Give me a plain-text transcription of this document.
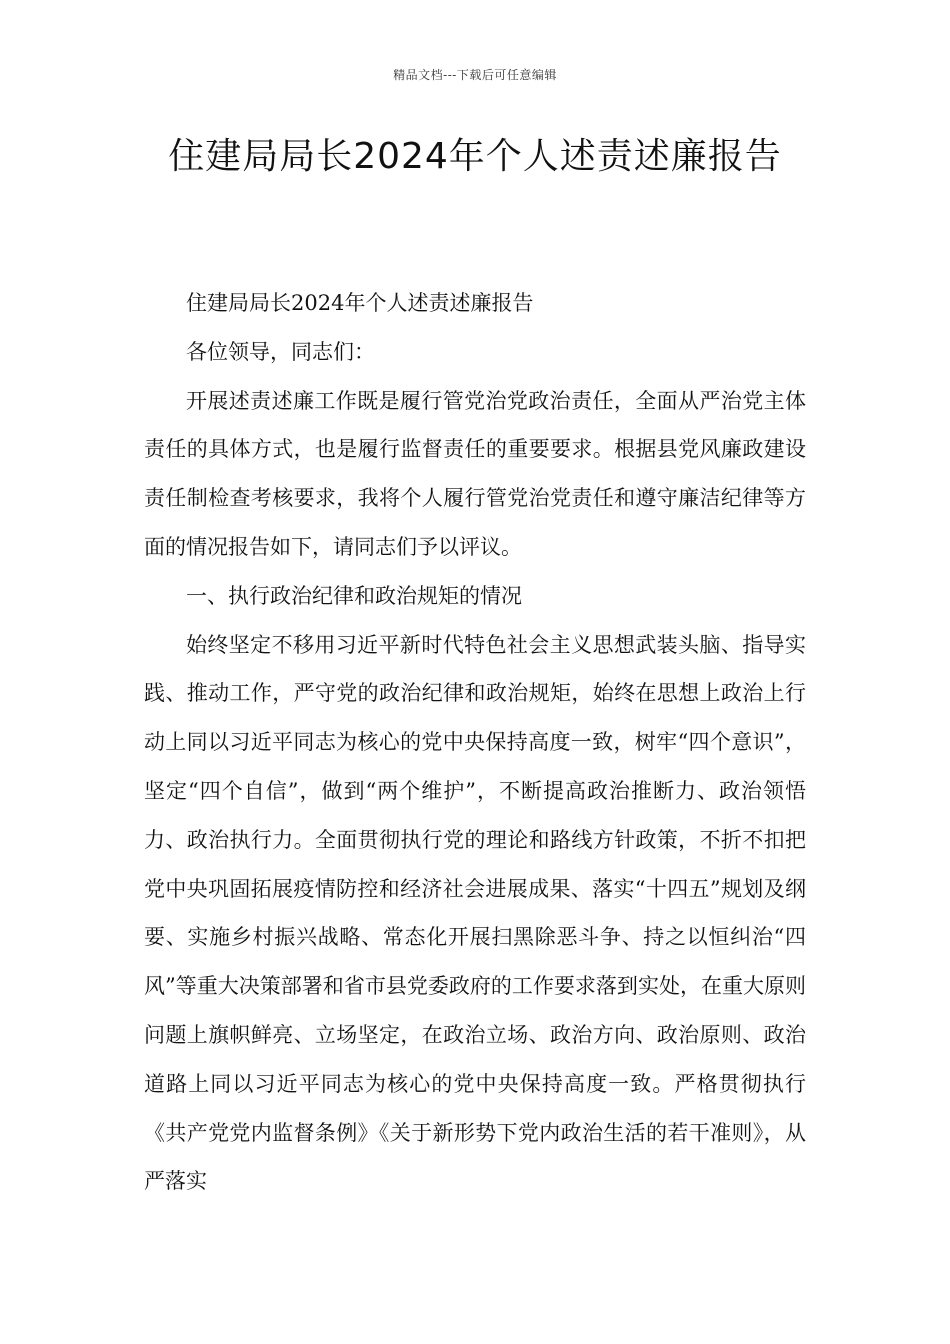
精品文档---下载后可任意编辑
住建局局长2024年个人述责述廉报告

住建局局长2024年个人述责述廉报告

各位领导，同志们：

开展述责述廉工作既是履行管党治党政治责任，全面从严治党主体责任的具体方式，也是履行监督责任的重要要求。根据县党风廉政建设责任制检查考核要求，我将个人履行管党治党责任和遵守廉洁纪律等方面的情况报告如下，请同志们予以评议。

一、执行政治纪律和政治规矩的情况

始终坚定不移用习近平新时代特色社会主义思想武装头脑、指导实践、推动工作，严守党的政治纪律和政治规矩，始终在思想上政治上行动上同以习近平同志为核心的党中央保持高度一致，树牢“四个意识”，坚定“四个自信”，做到“两个维护”，不断提高政治推断力、政治领悟力、政治执行力。全面贯彻执行党的理论和路线方针政策，不折不扣把党中央巩固拓展疫情防控和经济社会进展成果、落实“十四五”规划及纲要、实施乡村振兴战略、常态化开展扫黑除恶斗争、持之以恒纠治“四风”等重大决策部署和省市县党委政府的工作要求落到实处，在重大原则问题上旗帜鲜亮、立场坚定，在政治立场、政治方向、政治原则、政治道路上同以习近平同志为核心的党中央保持高度一致。严格贯彻执行《共产党党内监督条例》《关于新形势下党内政治生活的若干准则》，从严落实
